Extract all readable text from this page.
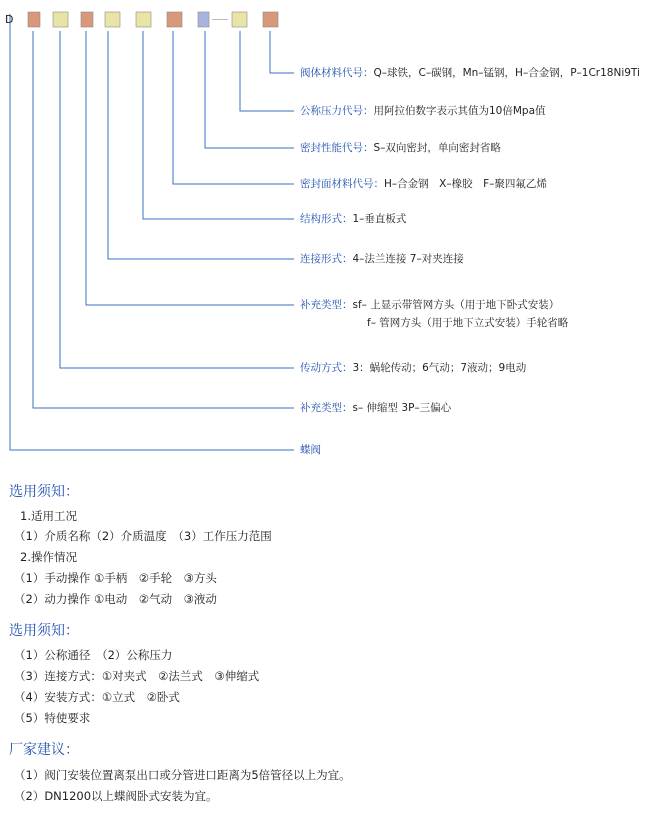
D
阀体材料代号：Q–球铁，C–碳钢，Mn–锰钢，H–合金钢，P–1Cr18Ni9Ti
公称压力代号：用阿拉伯数字表示其值为10倍Mpa值
密封性能代号：S–双向密封，单向密封省略
密封面材料代号：H–合金钢　X–橡胶　F–聚四氟乙烯
结构形式：1–垂直板式
连接形式：4–法兰连接 7–对夹连接
补充类型：sf– 上显示带管网方头（用于地下卧式安装）
f– 管网方头（用于地下立式安装）手轮省略
传动方式：3：蜗轮传动；6气动；7液动；9电动
补充类型：s– 伸缩型 3P–三偏心
蝶阀
选用须知：
1.适用工况
（1）介质名称（2）介质温度　（3）工作压力范围
2.操作情况
（1）手动操作 ①手柄　②手轮　③方头
（2）动力操作 ①电动　②气动　③液动
选用须知：
（1）公称通径　（2）公称压力
（3）连接方式：①对夹式　②法兰式　③伸缩式
（4）安装方式：①立式　②卧式
（5）特使要求
厂家建议：
（1）阀门安装位置离泵出口或分管进口距离为5倍管径以上为宜。
（2）DN1200以上蝶阀卧式安装为宜。
